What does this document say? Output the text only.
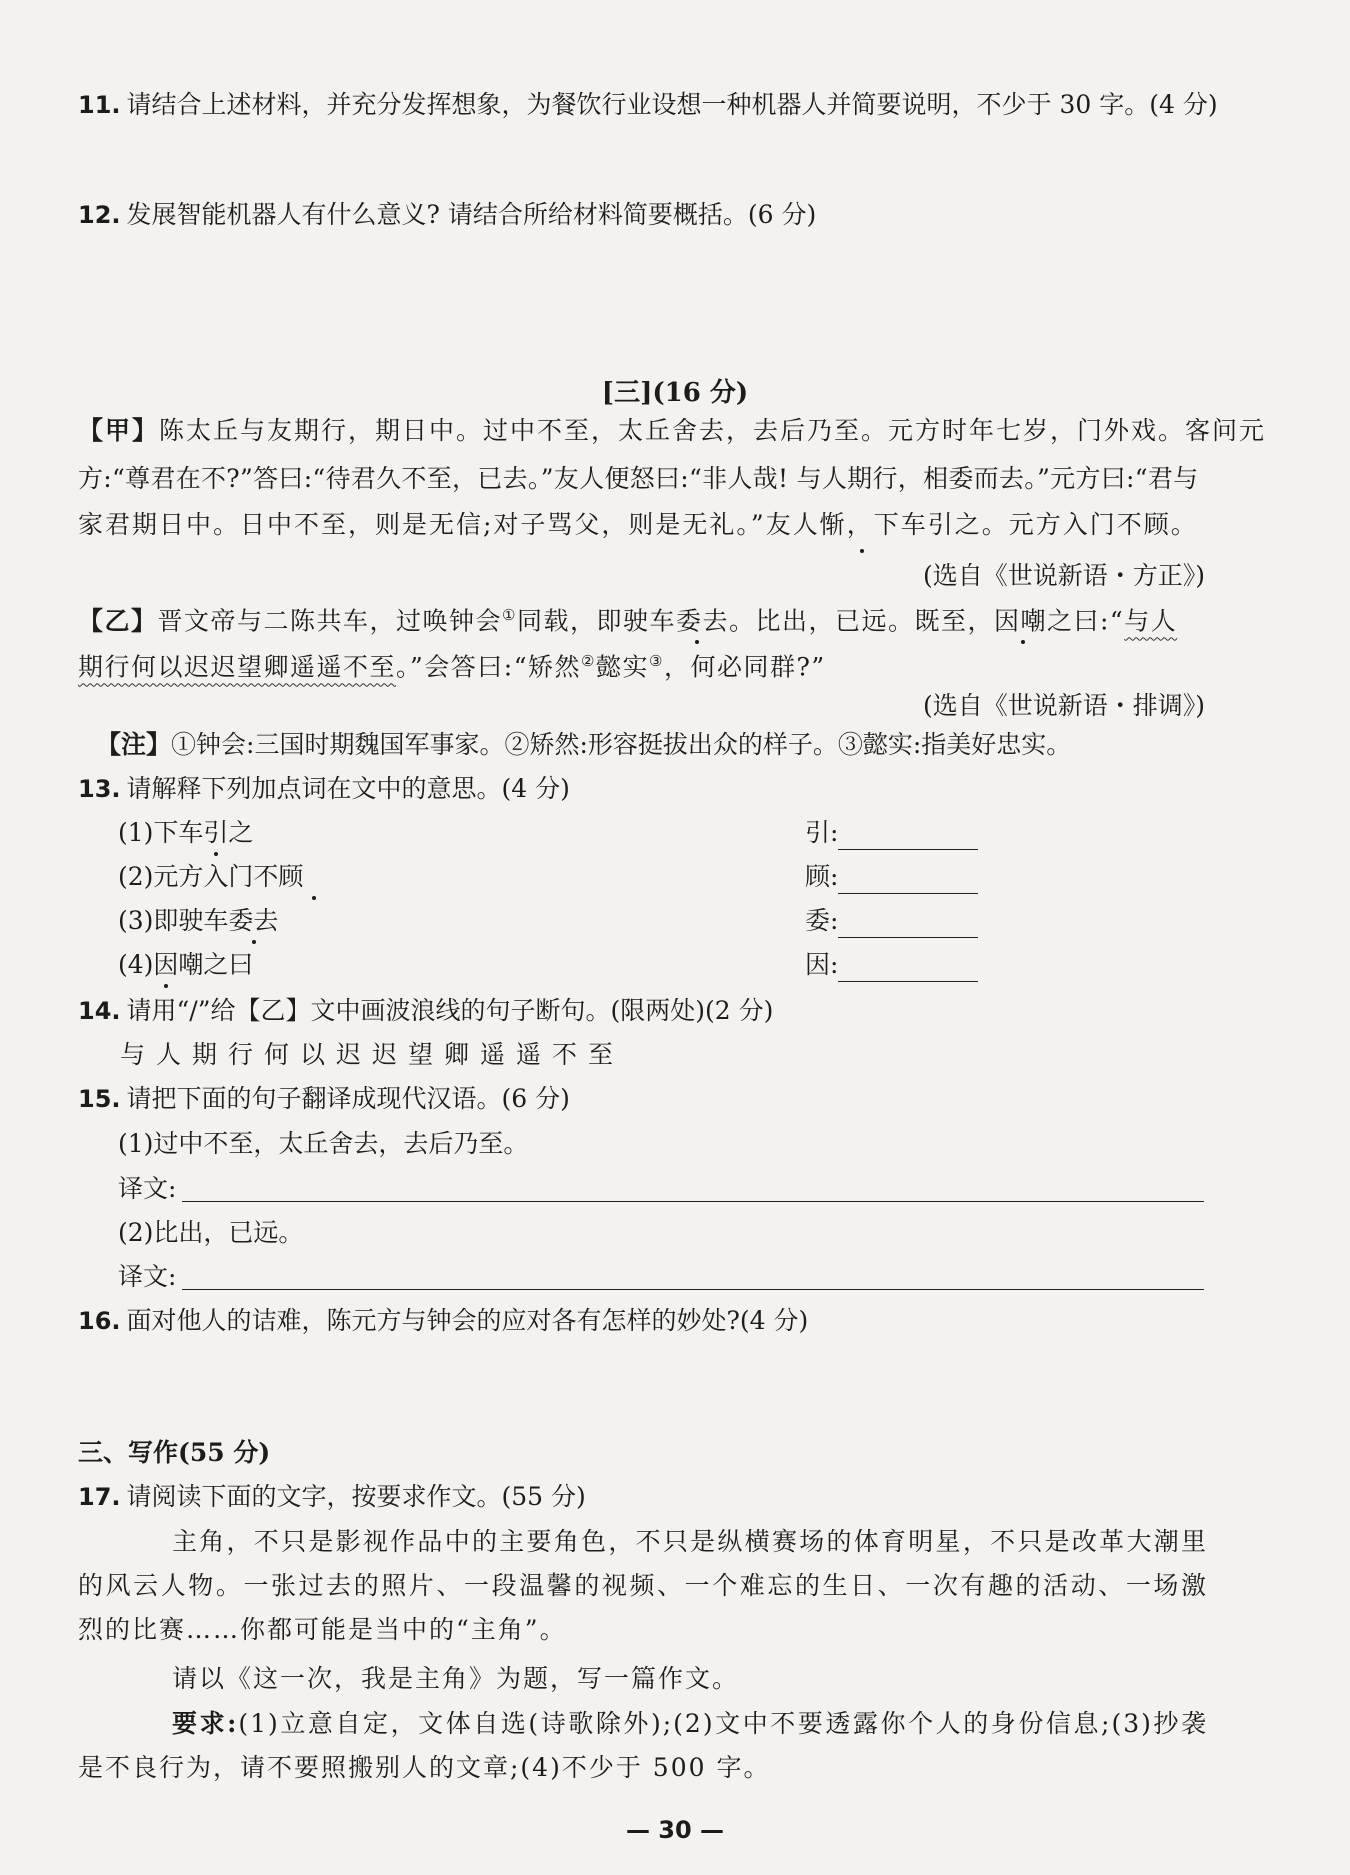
11. 请结合上述材料，并充分发挥想象，为餐饮行业设想一种机器人并简要说明，不少于 30 字。(4 分)
12. 发展智能机器人有什么意义? 请结合所给材料简要概括。(6 分)
[三](16 分)
【甲】陈太丘与友期行，期日中。过中不至，太丘舍去，去后乃至。元方时年七岁，门外戏。客问元
方:“尊君在不?”答曰:“待君久不至，已去。”友人便怒曰:“非人哉! 与人期行，相委而去。”元方曰:“君与
家君期日中。日中不至，则是无信;对子骂父，则是无礼。”友人惭，下车引之。元方入门不顾。
(选自《世说新语・方正》)
【乙】晋文帝与二陈共车，过唤钟会①同载，即驶车委去。比出，已远。既至，因嘲之曰:“与人
期行何以迟迟望卿遥遥不至。”会答曰:“矫然②懿实③，何必同群?”
(选自《世说新语・排调》)
【注】①钟会:三国时期魏国军事家。②矫然:形容挺拔出众的样子。③懿实:指美好忠实。
13. 请解释下列加点词在文中的意思。(4 分)
(1)下车引之	引:
(2)元方入门不顾	顾:
(3)即驶车委去	委:
(4)因嘲之曰	因:
14. 请用“/”给【乙】文中画波浪线的句子断句。(限两处)(2 分)
与人期行何以迟迟望卿遥遥不至
15. 请把下面的句子翻译成现代汉语。(6 分)
(1)过中不至，太丘舍去，去后乃至。
译文:
(2)比出，已远。
译文:
16. 面对他人的诘难，陈元方与钟会的应对各有怎样的妙处?(4 分)
三、写作(55 分)
17. 请阅读下面的文字，按要求作文。(55 分)
主角，不只是影视作品中的主要角色，不只是纵横赛场的体育明星，不只是改革大潮里的风云人物。一张过去的照片、一段温馨的视频、一个难忘的生日、一次有趣的活动、一场激烈的比赛……你都可能是当中的“主角”。
请以《这一次，我是主角》为题，写一篇作文。
要求:(1)立意自定，文体自选(诗歌除外);(2)文中不要透露你个人的身份信息;(3)抄袭是不良行为，请不要照搬别人的文章;(4)不少于 500 字。
— 30 —
